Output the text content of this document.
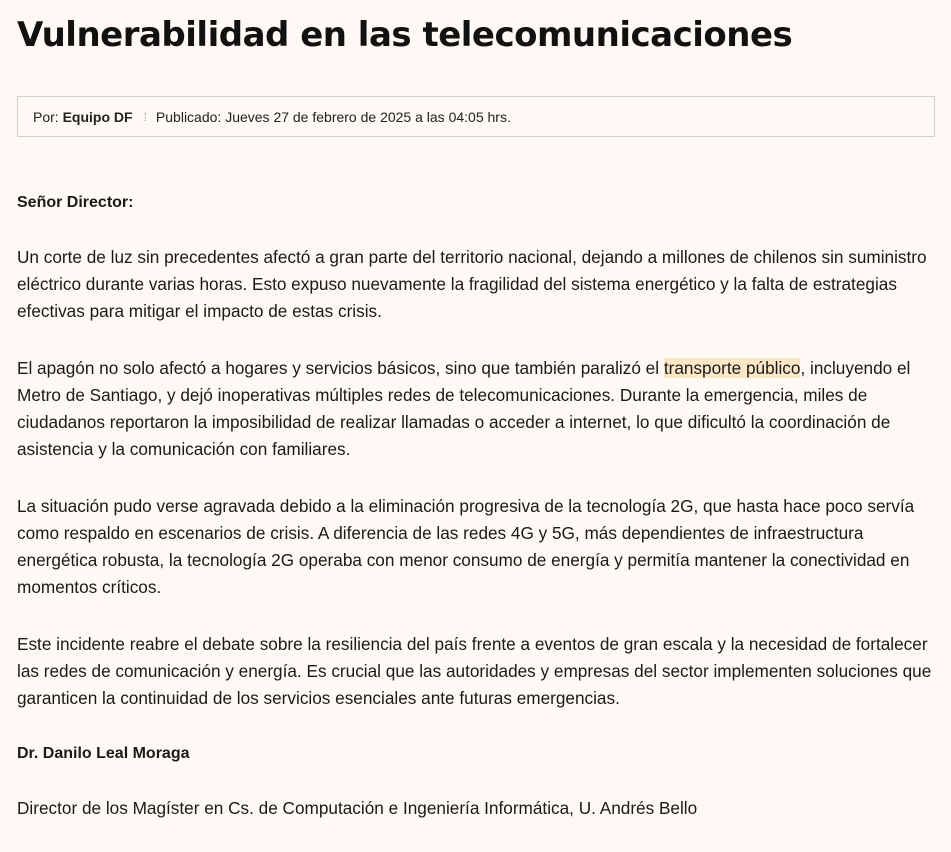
Vulnerabilidad en las telecomunicaciones
Por:
Equipo DF ⁞ Publicado: Jueves 27 de febrero de 2025 a las 04:05 hrs.

Señor Director:

Un corte de luz sin precedentes afectó a gran parte del territorio nacional, dejando a millones de chilenos sin suministro eléctrico durante varias horas. Esto expuso nuevamente la fragilidad del sistema energético y la falta de estrategias efectivas para mitigar el impacto de estas crisis.

El apagón no solo afectó a hogares y servicios básicos, sino que también paralizó el transporte público, incluyendo el Metro de Santiago, y dejó inoperativas múltiples redes de telecomunicaciones. Durante la emergencia, miles de ciudadanos reportaron la imposibilidad de realizar llamadas o acceder a internet, lo que dificultó la coordinación de asistencia y la comunicación con familiares.

La situación pudo verse agravada debido a la eliminación progresiva de la tecnología 2G, que hasta hace poco servía como respaldo en escenarios de crisis. A diferencia de las redes 4G y 5G, más dependientes de infraestructura energética robusta, la tecnología 2G operaba con menor consumo de energía y permitía mantener la conectividad en momentos críticos.

Este incidente reabre el debate sobre la resiliencia del país frente a eventos de gran escala y la necesidad de fortalecer las redes de comunicación y energía. Es crucial que las autoridades y empresas del sector implementen soluciones que garanticen la continuidad de los servicios esenciales ante futuras emergencias.

Dr. Danilo Leal Moraga

Director de los Magíster en Cs. de Computación e Ingeniería Informática, U. Andrés Bello
